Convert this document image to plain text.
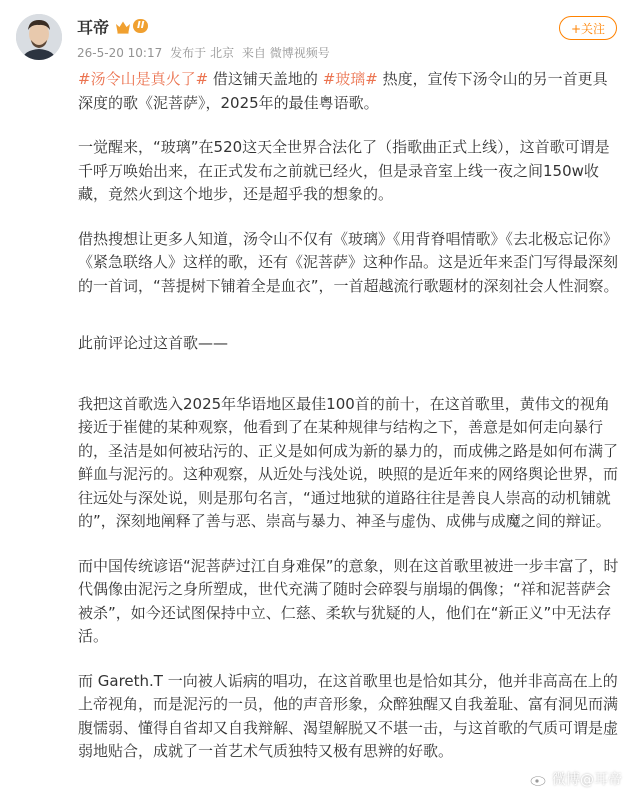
耳帝	II
26-5-20 10:17 发布于 北京 来自 微博视频号
+关注

#汤令山是真火了# 借这铺天盖地的 #玻璃# 热度，宣传下汤令山的另一首更具深度的歌《泥菩萨》，2025年的最佳粤语歌。

一觉醒来，“玻璃”在520这天全世界合法化了（指歌曲正式上线），这首歌可谓是千呼万唤始出来，在正式发布之前就已经火，但是录音室上线一夜之间150w收藏，竟然火到这个地步，还是超乎我的想象的。

借热搜想让更多人知道，汤令山不仅有《玻璃》《用背脊唱情歌》《去北极忘记你》《紧急联络人》这样的歌，还有《泥菩萨》这种作品。这是近年来歪门写得最深刻的一首词，“菩提树下铺着全是血衣”，一首超越流行歌题材的深刻社会人性洞察。

此前评论过这首歌——

我把这首歌选入2025年华语地区最佳100首的前十，在这首歌里，黄伟文的视角接近于崔健的某种观察，他看到了在某种规律与结构之下，善意是如何走向暴行的，圣洁是如何被玷污的、正义是如何成为新的暴力的，而成佛之路是如何布满了鲜血与泥污的。这种观察，从近处与浅处说，映照的是近年来的网络舆论世界，而往远处与深处说，则是那句名言，“通过地狱的道路往往是善良人崇高的动机铺就的”，深刻地阐释了善与恶、崇高与暴力、神圣与虚伪、成佛与成魔之间的辩证。

而中国传统谚语“泥菩萨过江自身难保”的意象，则在这首歌里被进一步丰富了，时代偶像由泥污之身所塑成，世代充满了随时会碎裂与崩塌的偶像；“祥和泥菩萨会被杀”，如今还试图保持中立、仁慈、柔软与犹疑的人，他们在“新正义”中无法存活。

而 Gareth.T 一向被人诟病的唱功，在这首歌里也是恰如其分，他并非高高在上的上帝视角，而是泥污的一员，他的声音形象，众醉独醒又自我羞耻、富有洞见而满腹懦弱、懂得自省却又自我辩解、渴望解脱又不堪一击，与这首歌的气质可谓是虚弱地贴合，成就了一首艺术气质独特又极有思辨的好歌。

微博@耳帝
